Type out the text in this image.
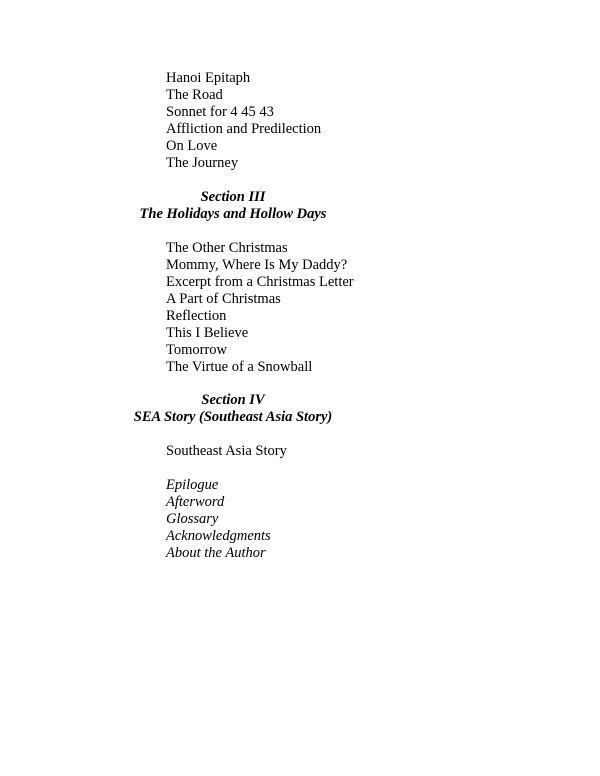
Hanoi Epitaph
The Road
Sonnet for 4 45 43
Affliction and Predilection
On Love
The Journey
Section III
The Holidays and Hollow Days
The Other Christmas
Mommy, Where Is My Daddy?
Excerpt from a Christmas Letter
A Part of Christmas
Reflection
This I Believe
Tomorrow
The Virtue of a Snowball
Section IV
SEA Story (Southeast Asia Story)
Southeast Asia Story
Epilogue
Afterword
Glossary
Acknowledgments
About the Author
